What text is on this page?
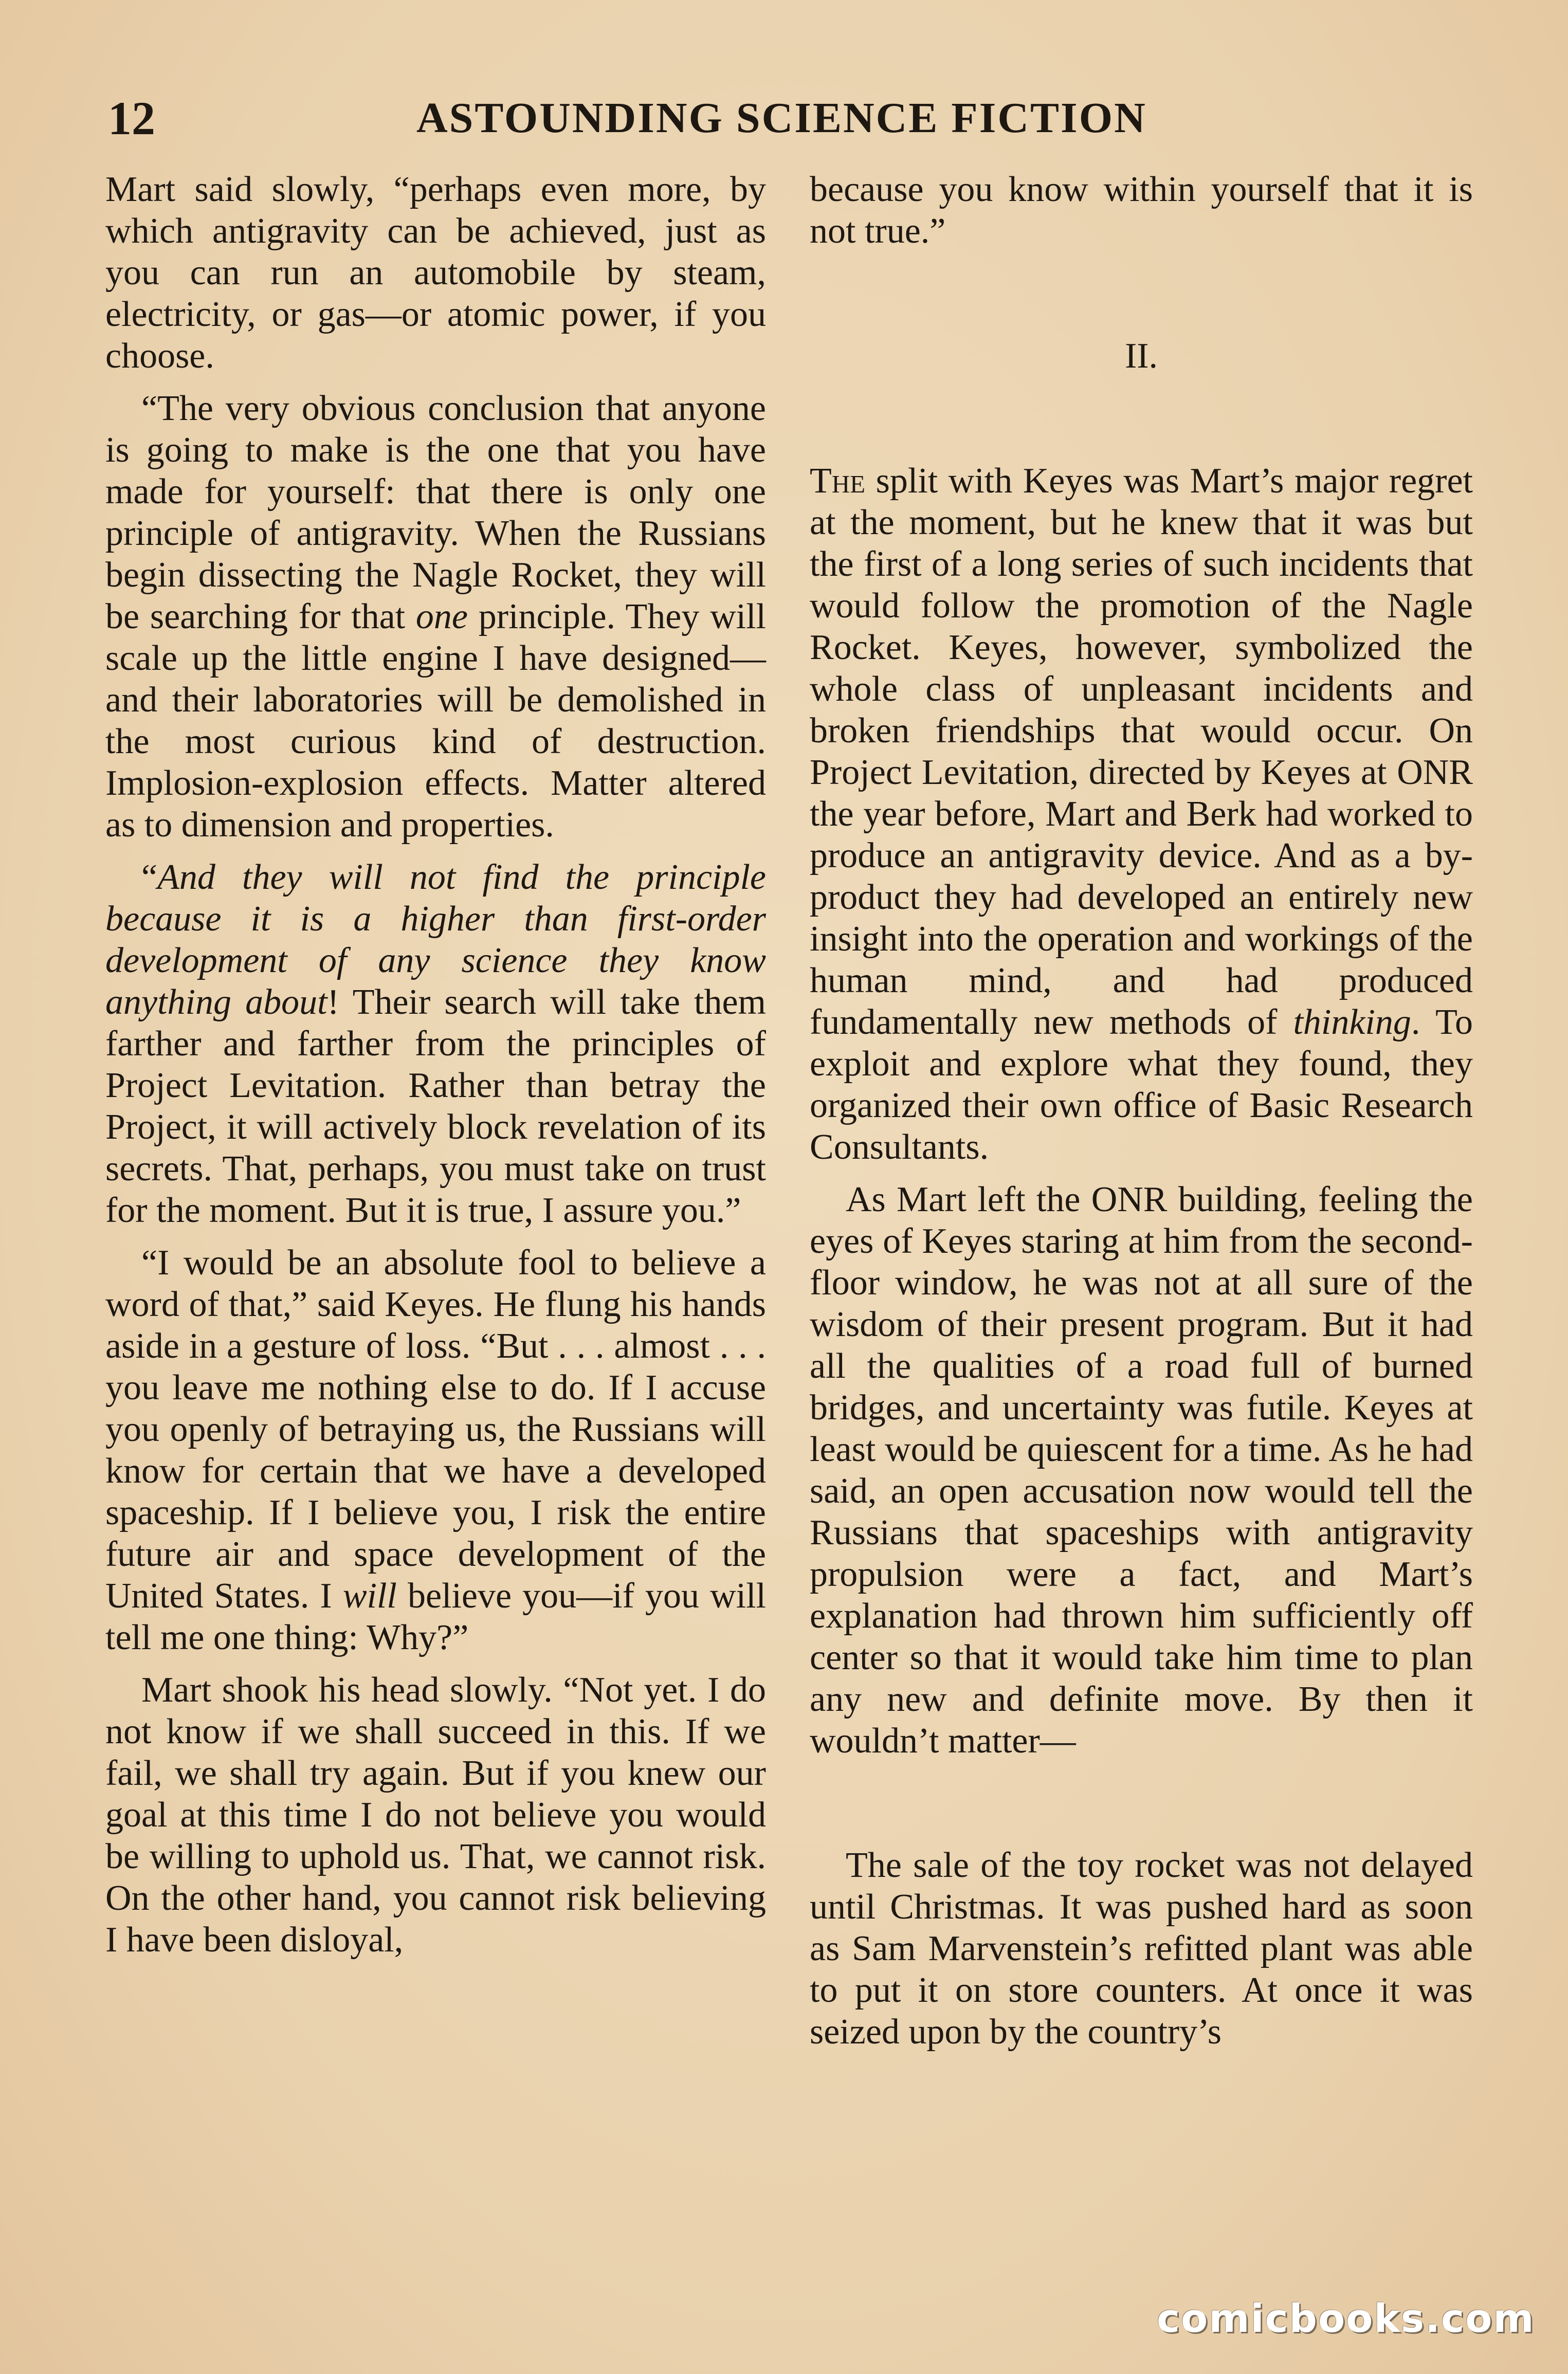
12	ASTOUNDING SCIENCE FICTION

Mart said slowly, “perhaps even more, by which antigravity can be achieved, just as you can run an automobile by steam, electricity, or gas—or atomic power, if you choose.

“The very obvious conclusion that anyone is going to make is the one that you have made for yourself: that there is only one principle of antigravity. When the Russians begin dissecting the Nagle Rocket, they will be searching for that one principle. They will scale up the little engine I have designed—and their laboratories will be demolished in the most curious kind of destruction. Implosion-explosion effects. Matter altered as to dimension and properties.

“And they will not find the principle because it is a higher than first-order development of any science they know anything about! Their search will take them farther and farther from the principles of Project Levitation. Rather than betray the Project, it will actively block revelation of its secrets. That, perhaps, you must take on trust for the moment. But it is true, I assure you.”

“I would be an absolute fool to believe a word of that,” said Keyes. He flung his hands aside in a gesture of loss. “But . . . almost . . . you leave me nothing else to do. If I accuse you openly of betraying us, the Russians will know for certain that we have a developed spaceship. If I believe you, I risk the entire future air and space development of the United States. I will believe you—if you will tell me one thing: Why?”

Mart shook his head slowly. “Not yet. I do not know if we shall succeed in this. If we fail, we shall try again. But if you knew our goal at this time I do not believe you would be willing to uphold us. That, we cannot risk. On the other hand, you cannot risk believing I have been disloyal,

because you know within yourself that it is not true.”

II.

The split with Keyes was Mart’s major regret at the moment, but he knew that it was but the first of a long series of such incidents that would follow the promotion of the Nagle Rocket. Keyes, however, symbolized the whole class of unpleasant incidents and broken friendships that would occur. On Project Levitation, directed by Keyes at ONR the year before, Mart and Berk had worked to produce an antigravity device. And as a by-product they had developed an entirely new insight into the operation and workings of the human mind, and had produced fundamentally new methods of thinking. To exploit and explore what they found, they organized their own office of Basic Research Consultants.

As Mart left the ONR building, feeling the eyes of Keyes staring at him from the second-floor window, he was not at all sure of the wisdom of their present program. But it had all the qualities of a road full of burned bridges, and uncertainty was futile. Keyes at least would be quiescent for a time. As he had said, an open accusation now would tell the Russians that spaceships with antigravity propulsion were a fact, and Mart’s explanation had thrown him sufficiently off center so that it would take him time to plan any new and definite move. By then it wouldn’t matter—

The sale of the toy rocket was not delayed until Christmas. It was pushed hard as soon as Sam Marvenstein’s refitted plant was able to put it on store counters. At once it was seized upon by the country’s

comicbooks.com
